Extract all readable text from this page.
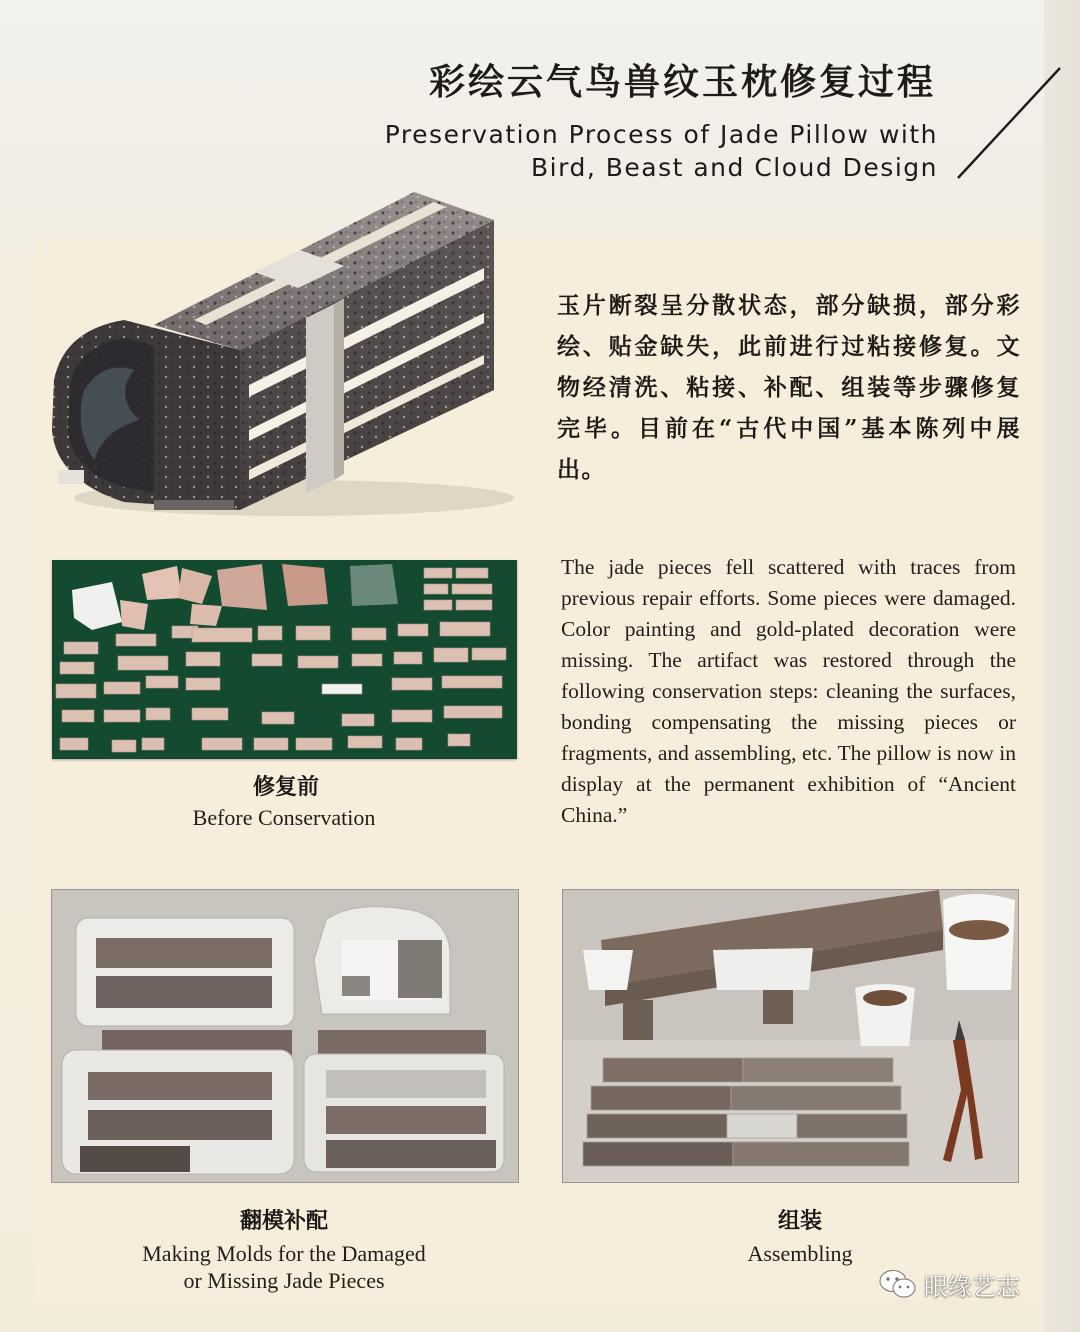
彩绘云气鸟兽纹玉枕修复过程
Preservation Process of Jade Pillow with
Bird, Beast and Cloud Design
玉片断裂呈分散状态，部分缺损，部分彩绘、贴金缺失，此前进行过粘接修复。文物经清洗、粘接、补配、组装等步骤修复完毕。目前在“古代中国”基本陈列中展出。
The jade pieces fell scattered with traces from previous repair efforts. Some pieces were damaged. Color painting and gold-plated decoration were missing. The artifact was restored through the following conservation steps: cleaning the surfaces, bonding compensating the missing pieces or fragments, and assembling, etc. The pillow is now in display at the permanent exhibition of “Ancient China.”
修复前
Before Conservation
翻模补配
Making Molds for the Damaged
or Missing Jade Pieces
组装
Assembling
眼缘艺志
